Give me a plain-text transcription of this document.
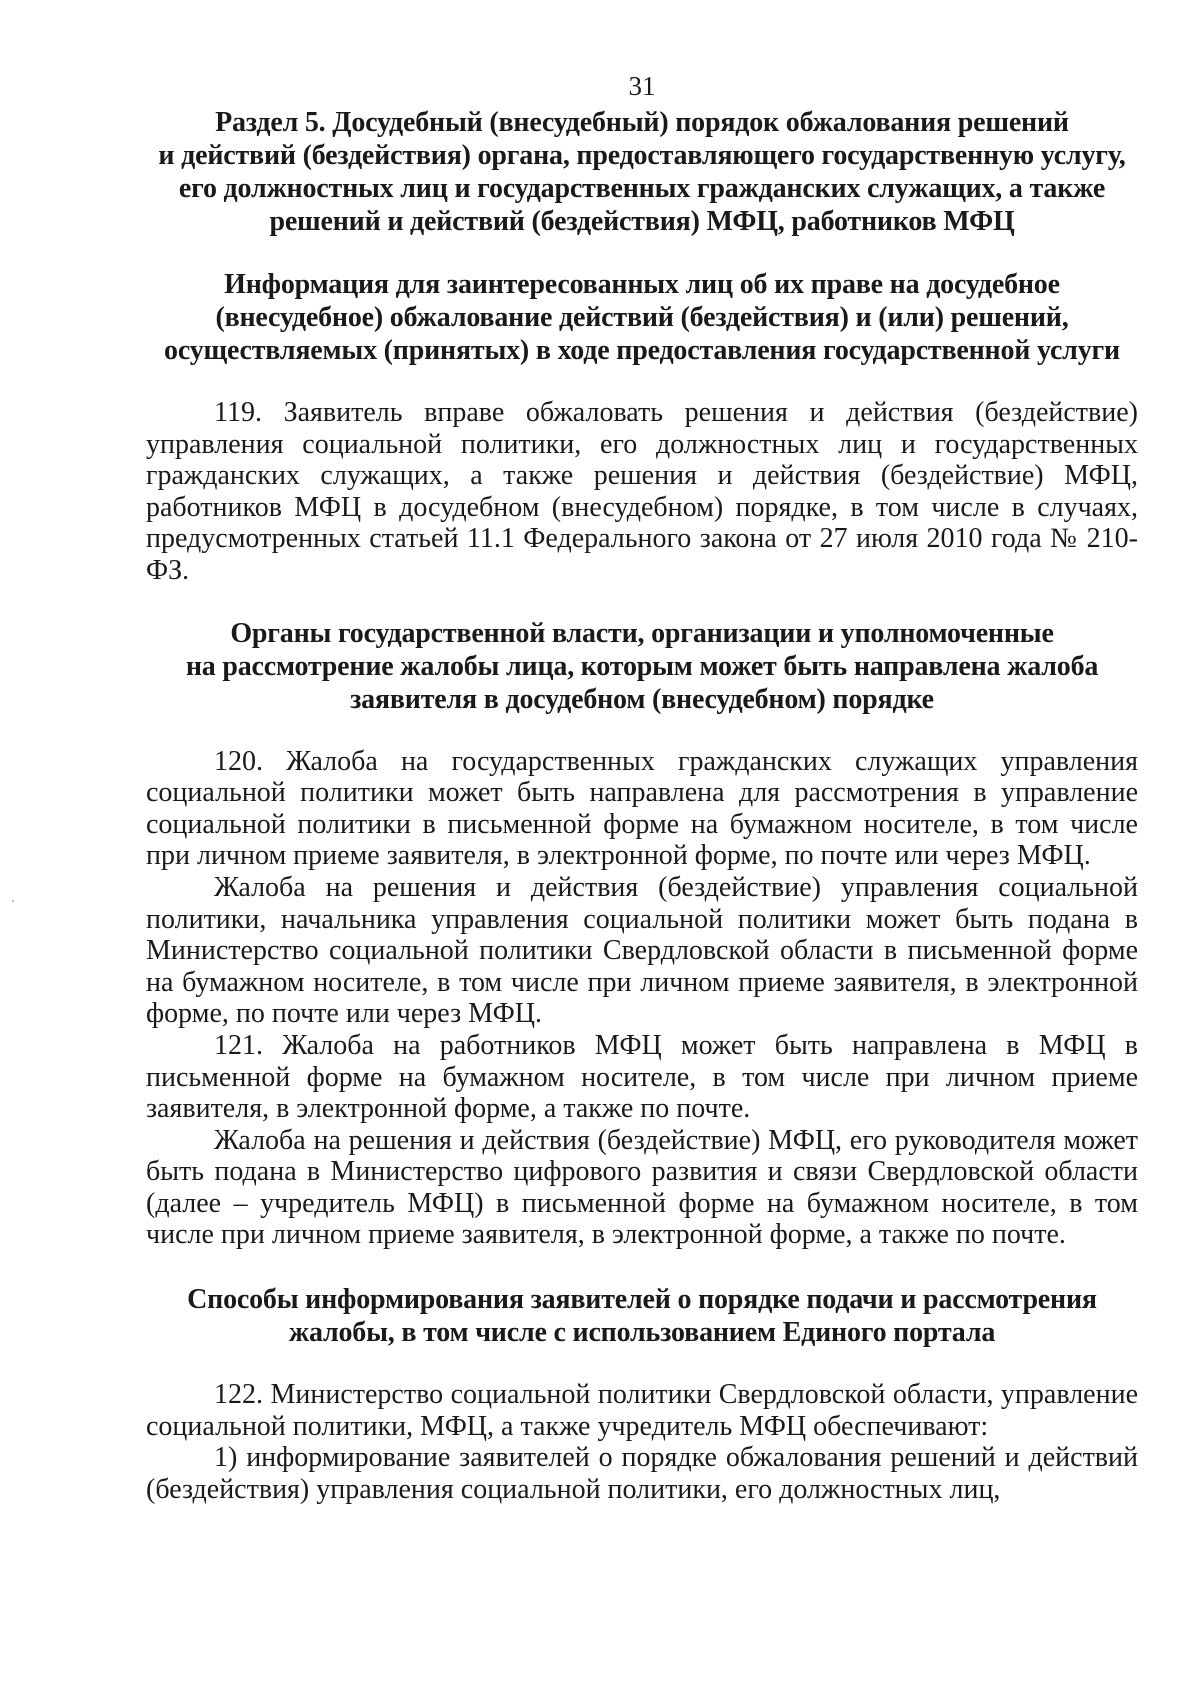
31
Раздел 5. Досудебный (внесудебный) порядок обжалования решений
и действий (бездействия) органа, предоставляющего государственную услугу,
его должностных лиц и государственных гражданских служащих, а также
решений и действий (бездействия) МФЦ, работников МФЦ
Информация для заинтересованных лиц об их праве на досудебное
(внесудебное) обжалование действий (бездействия) и (или) решений,
осуществляемых (принятых) в ходе предоставления государственной услуги

119. Заявитель вправе обжаловать решения и действия (бездействие) управления социальной политики, его должностных лиц и государственных гражданских служащих, а также решения и действия (бездействие) МФЦ, работников МФЦ в досудебном (внесудебном) порядке, в том числе в случаях, предусмотренных статьей 11.1 Федерального закона от 27 июля 2010 года № 210-ФЗ.

Органы государственной власти, организации и уполномоченные
на рассмотрение жалобы лица, которым может быть направлена жалоба
заявителя в досудебном (внесудебном) порядке

120. Жалоба на государственных гражданских служащих управления социальной политики может быть направлена для рассмотрения в управление социальной политики в письменной форме на бумажном носителе, в том числе при личном приеме заявителя, в электронной форме, по почте или через МФЦ.

Жалоба на решения и действия (бездействие) управления социальной политики, начальника управления социальной политики может быть подана в Министерство социальной политики Свердловской области в письменной форме на бумажном носителе, в том числе при личном приеме заявителя, в электронной форме, по почте или через МФЦ.

121. Жалоба на работников МФЦ может быть направлена в МФЦ в письменной форме на бумажном носителе, в том числе при личном приеме заявителя, в электронной форме, а также по почте.

Жалоба на решения и действия (бездействие) МФЦ, его руководителя может быть подана в Министерство цифрового развития и связи Свердловской области (далее – учредитель МФЦ) в письменной форме на бумажном носителе, в том числе при личном приеме заявителя, в электронной форме, а также по почте.

Способы информирования заявителей о порядке подачи и рассмотрения
жалобы, в том числе с использованием Единого портала

122. Министерство социальной политики Свердловской области, управление социальной политики, МФЦ, а также учредитель МФЦ обеспечивают:

1) информирование заявителей о порядке обжалования решений и действий (бездействия) управления социальной политики, его должностных лиц,
